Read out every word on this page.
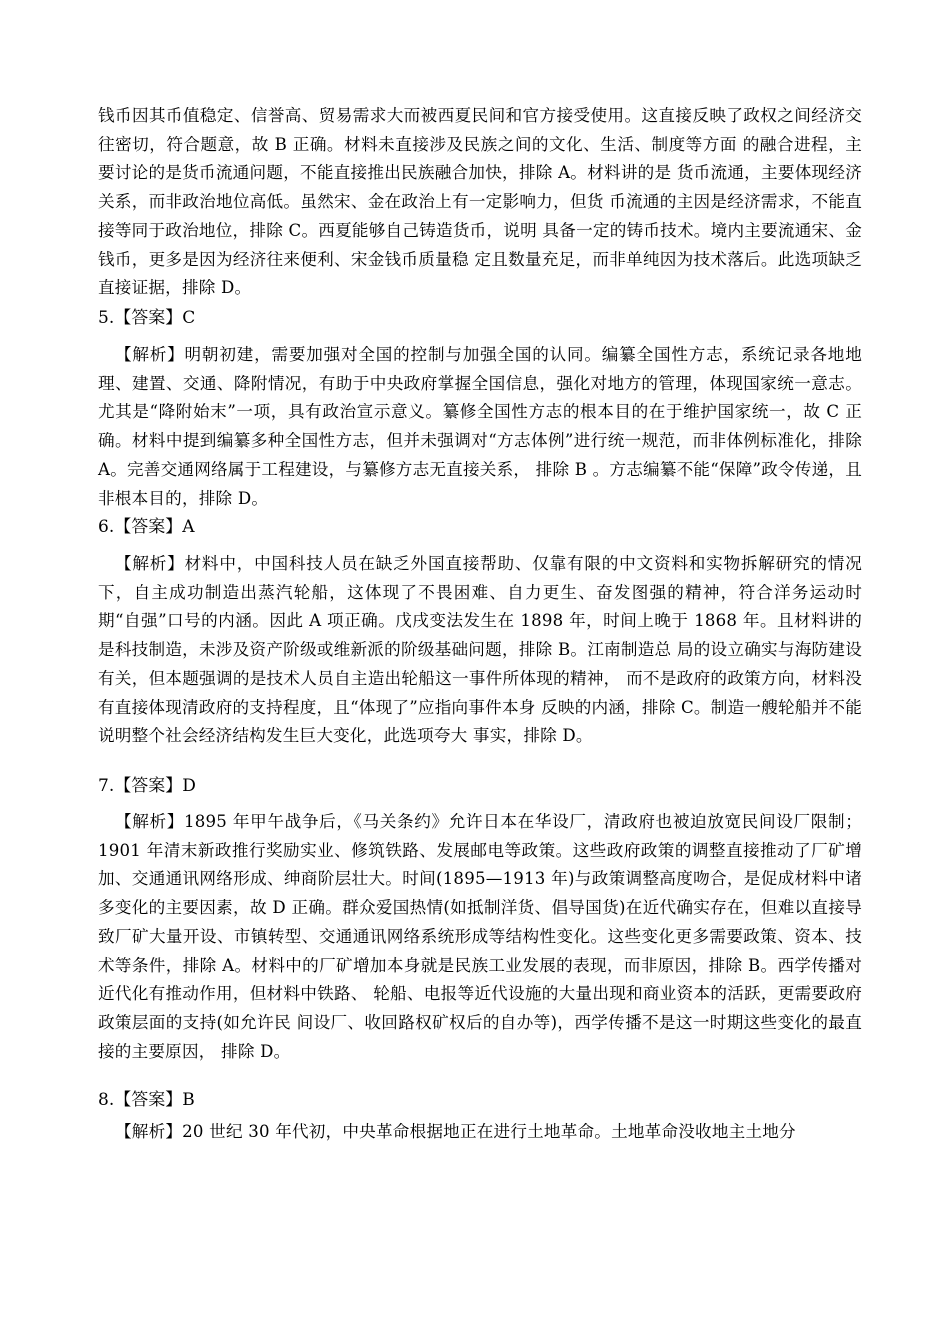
钱币因其币值稳定、信誉高、贸易需求大而被西夏民间和官方接受使用。这直接反映了政权之间经济交往密切，符合题意，故 B 正确。材料未直接涉及民族之间的文化、生活、制度等方面 的融合进程，主要讨论的是货币流通问题，不能直接推出民族融合加快，排除 A。材料讲的是 货币流通，主要体现经济关系，而非政治地位高低。虽然宋、金在政治上有一定影响力，但货 币流通的主因是经济需求，不能直接等同于政治地位，排除 C。西夏能够自己铸造货币，说明 具备一定的铸币技术。境内主要流通宋、金钱币，更多是因为经济往来便利、宋金钱币质量稳 定且数量充足，而非单纯因为技术落后。此选项缺乏直接证据，排除 D。
5.【答案】C
【解析】明朝初建，需要加强对全国的控制与加强全国的认同。编纂全国性方志，系统记录各地地理、建置、交通、降附情况，有助于中央政府掌握全国信息，强化对地方的管理，体现国家统一意志。尤其是“降附始末”一项，具有政治宣示意义。纂修全国性方志的根本目的在于维护国家统一，故 C 正确。材料中提到编纂多种全国性方志，但并未强调对“方志体例”进行统一规范，而非体例标准化，排除 A。完善交通网络属于工程建设，与纂修方志无直接关系， 排除 B 。方志编纂不能“保障”政令传递，且非根本目的，排除 D。
6.【答案】A
【解析】材料中，中国科技人员在缺乏外国直接帮助、仅靠有限的中文资料和实物拆解研究的情况下，自主成功制造出蒸汽轮船，这体现了不畏困难、自力更生、奋发图强的精神，符合洋务运动时期“自强”口号的内涵。因此 A 项正确。戊戌变法发生在 1898 年，时间上晚于 1868 年。且材料讲的是科技制造，未涉及资产阶级或维新派的阶级基础问题，排除 B。江南制造总 局的设立确实与海防建设有关，但本题强调的是技术人员自主造出轮船这一事件所体现的精神， 而不是政府的政策方向，材料没有直接体现清政府的支持程度，且“体现了”应指向事件本身 反映的内涵，排除 C。制造一艘轮船并不能说明整个社会经济结构发生巨大变化，此选项夸大 事实，排除 D。
7.【答案】D
【解析】1895 年甲午战争后，《马关条约》允许日本在华设厂，清政府也被迫放宽民间设厂限制；1901 年清末新政推行奖励实业、修筑铁路、发展邮电等政策。这些政府政策的调整直接推动了厂矿增加、交通通讯网络形成、绅商阶层壮大。时间(1895—1913 年)与政策调整高度吻合，是促成材料中诸多变化的主要因素，故 D 正确。群众爱国热情(如抵制洋货、倡导国货)在近代确实存在，但难以直接导致厂矿大量开设、市镇转型、交通通讯网络系统形成等结构性变化。这些变化更多需要政策、资本、技术等条件，排除 A。材料中的厂矿增加本身就是民族工业发展的表现，而非原因，排除 B。西学传播对近代化有推动作用，但材料中铁路、 轮船、电报等近代设施的大量出现和商业资本的活跃，更需要政府政策层面的支持(如允许民 间设厂、收回路权矿权后的自办等)，西学传播不是这一时期这些变化的最直接的主要原因， 排除 D。
8.【答案】B
【解析】20 世纪 30 年代初，中央革命根据地正在进行土地革命。土地革命没收地主土地分
